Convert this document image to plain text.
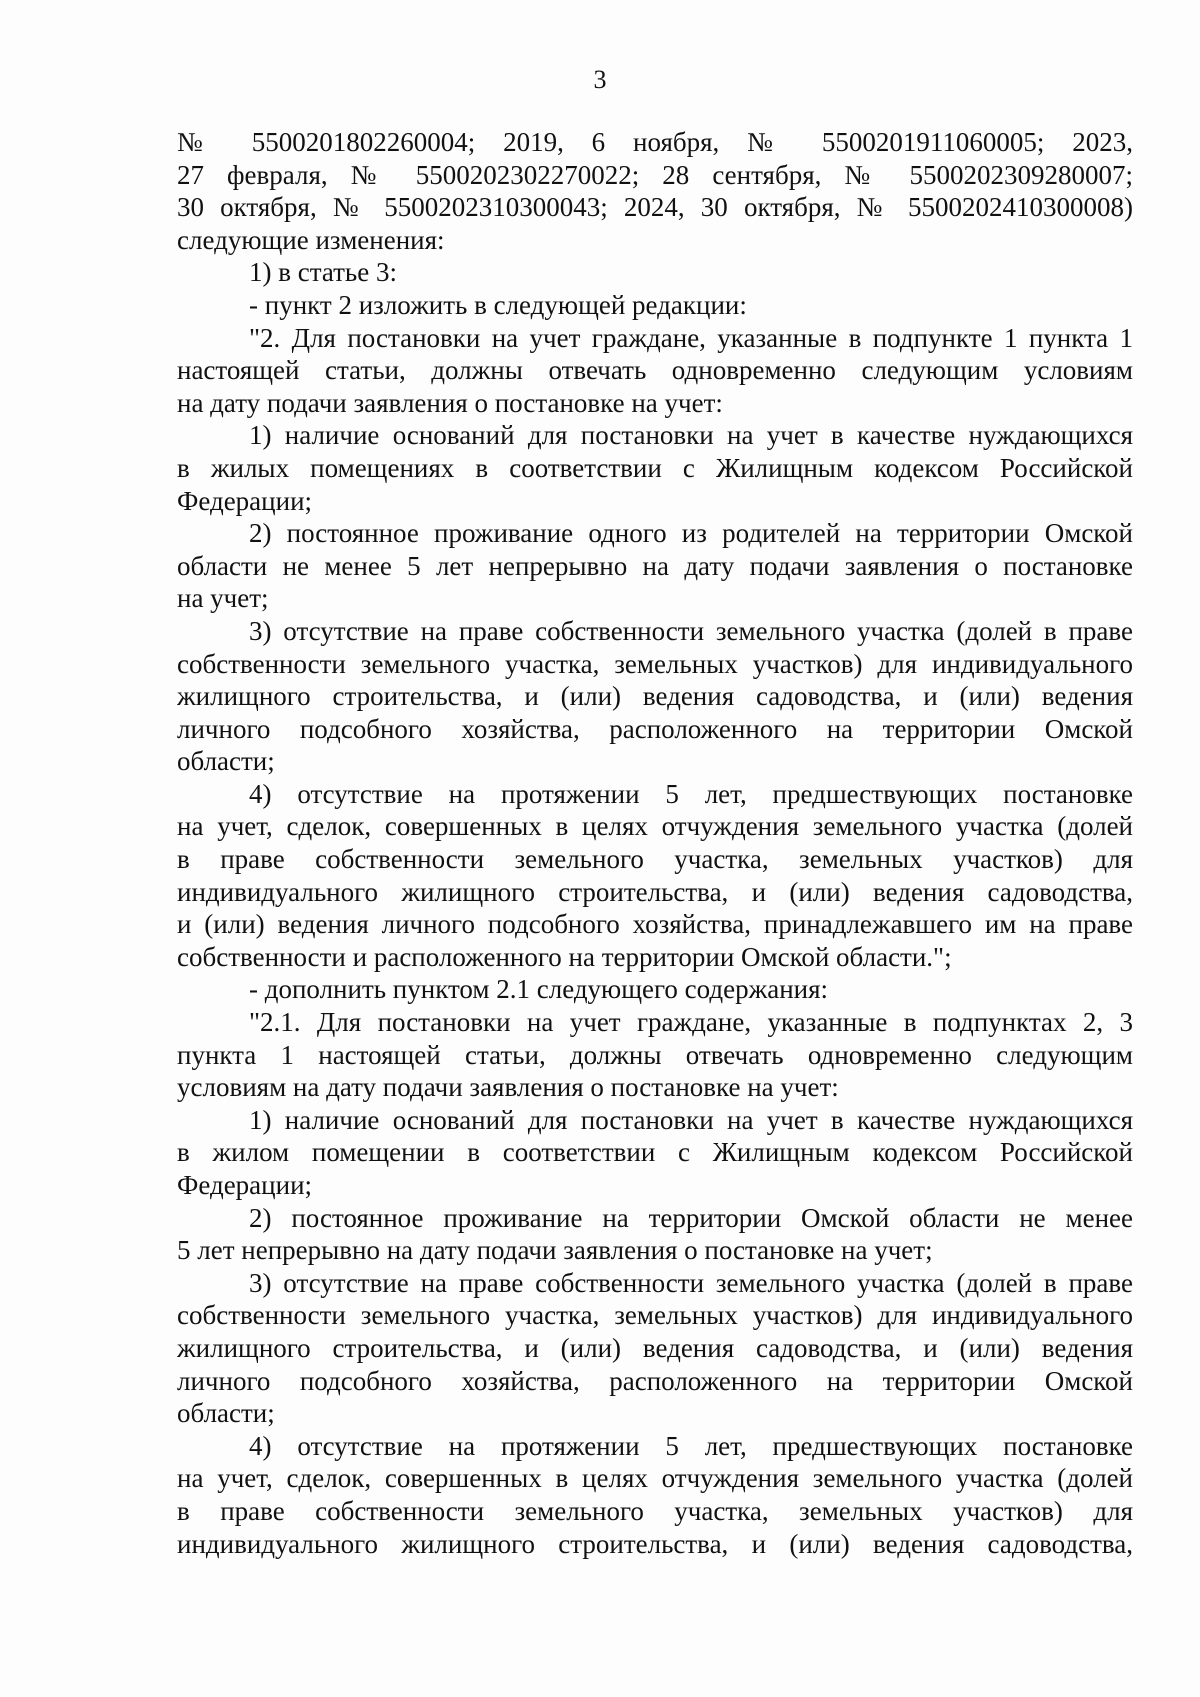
3
№ 5500201802260004; 2019, 6 ноября, № 5500201911060005; 2023,
27 февраля, № 5500202302270022; 28 сентября, № 5500202309280007;
30 октября, № 5500202310300043; 2024, 30 октября, № 5500202410300008)
следующие изменения:
1) в статье 3:
- пункт 2 изложить в следующей редакции:
"2. Для постановки на учет граждане, указанные в подпункте 1 пункта 1
настоящей статьи, должны отвечать одновременно следующим условиям
на дату подачи заявления о постановке на учет:
1) наличие оснований для постановки на учет в качестве нуждающихся
в жилых помещениях в соответствии с Жилищным кодексом Российской
Федерации;
2) постоянное проживание одного из родителей на территории Омской
области не менее 5 лет непрерывно на дату подачи заявления о постановке
на учет;
3) отсутствие на праве собственности земельного участка (долей в праве
собственности земельного участка, земельных участков) для индивидуального
жилищного строительства, и (или) ведения садоводства, и (или) ведения
личного подсобного хозяйства, расположенного на территории Омской
области;
4) отсутствие на протяжении 5 лет, предшествующих постановке
на учет, сделок, совершенных в целях отчуждения земельного участка (долей
в праве собственности земельного участка, земельных участков) для
индивидуального жилищного строительства, и (или) ведения садоводства,
и (или) ведения личного подсобного хозяйства, принадлежавшего им на праве
собственности и расположенного на территории Омской области.";
- дополнить пунктом 2.1 следующего содержания:
"2.1. Для постановки на учет граждане, указанные в подпунктах 2, 3
пункта 1 настоящей статьи, должны отвечать одновременно следующим
условиям на дату подачи заявления о постановке на учет:
1) наличие оснований для постановки на учет в качестве нуждающихся
в жилом помещении в соответствии с Жилищным кодексом Российской
Федерации;
2) постоянное проживание на территории Омской области не менее
5 лет непрерывно на дату подачи заявления о постановке на учет;
3) отсутствие на праве собственности земельного участка (долей в праве
собственности земельного участка, земельных участков) для индивидуального
жилищного строительства, и (или) ведения садоводства, и (или) ведения
личного подсобного хозяйства, расположенного на территории Омской
области;
4) отсутствие на протяжении 5 лет, предшествующих постановке
на учет, сделок, совершенных в целях отчуждения земельного участка (долей
в праве собственности земельного участка, земельных участков) для
индивидуального жилищного строительства, и (или) ведения садоводства,
